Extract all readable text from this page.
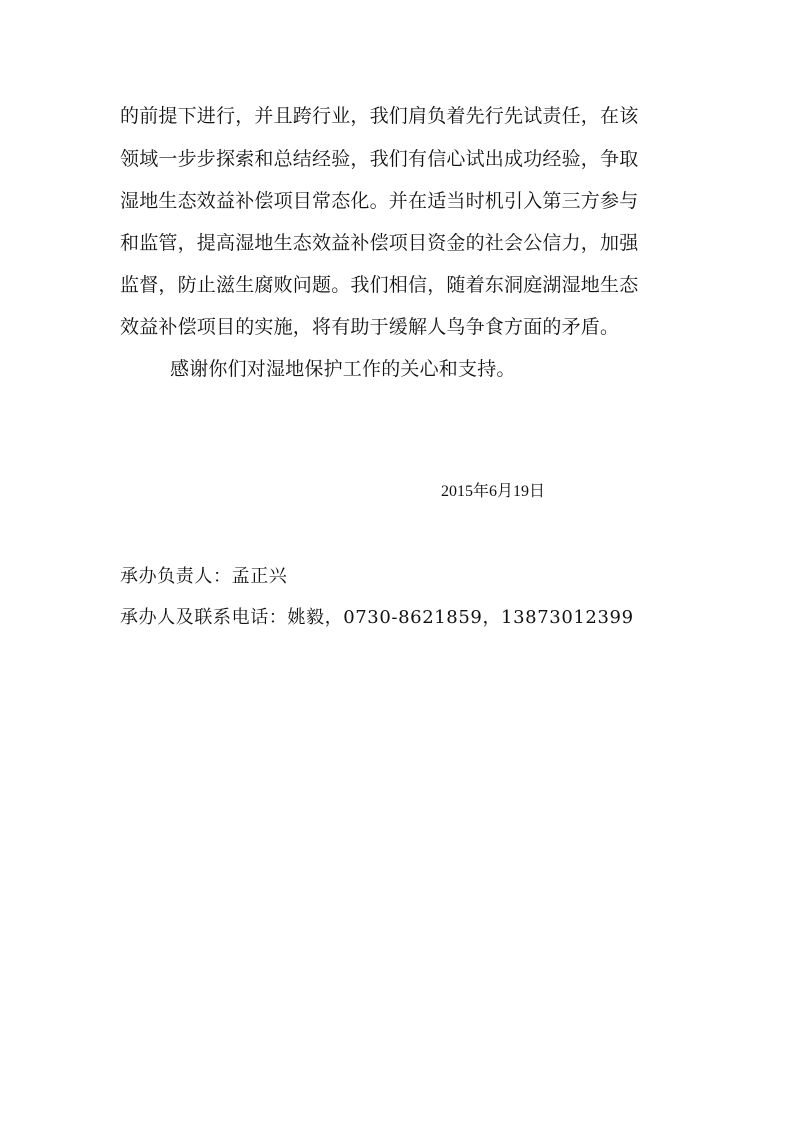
的前提下进行，并且跨行业，我们肩负着先行先试责任，在该
领域一步步探索和总结经验，我们有信心试出成功经验，争取
湿地生态效益补偿项目常态化。并在适当时机引入第三方参与
和监管，提高湿地生态效益补偿项目资金的社会公信力，加强
监督，防止滋生腐败问题。我们相信，随着东洞庭湖湿地生态
效益补偿项目的实施，将有助于缓解人鸟争食方面的矛盾。
感谢你们对湿地保护工作的关心和支持。
2015年6月19日
承办负责人：孟正兴
承办人及联系电话：姚毅，0730-8621859，13873012399
